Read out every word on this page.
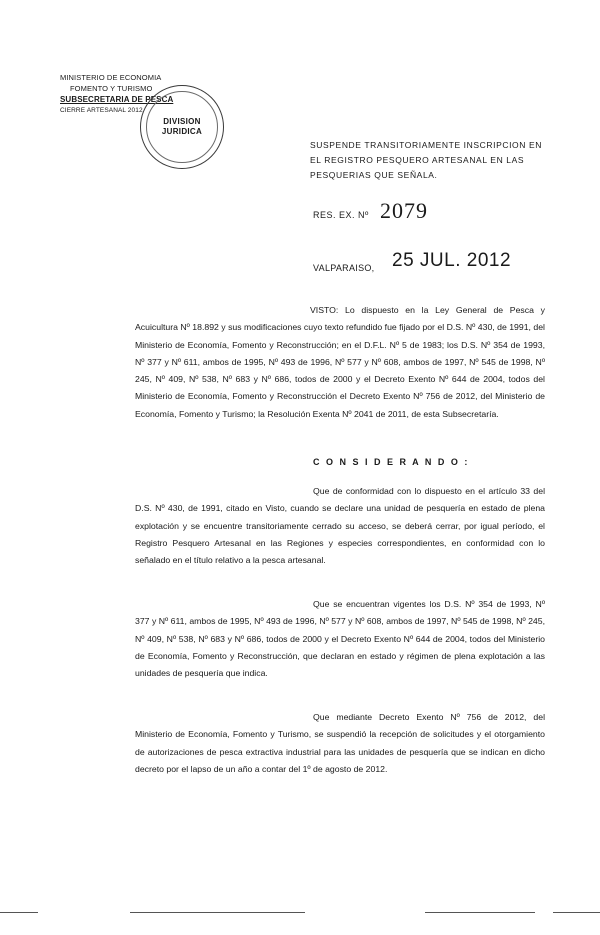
MINISTERIO DE ECONOMIA
FOMENTO Y TURISMO
SUBSECRETARIA DE PESCA
CIERRE ARTESANAL 2012
DIVISION
JURIDICA
SUSPENDE TRANSITORIAMENTE INSCRIPCION EN EL REGISTRO PESQUERO ARTESANAL EN LAS PESQUERIAS QUE SEÑALA.
RES. EX. Nº 2079
VALPARAISO, 25 JUL. 2012
VISTO: Lo dispuesto en la Ley General de Pesca y Acuicultura Nº 18.892 y sus modificaciones cuyo texto refundido fue fijado por el D.S. Nº 430, de 1991, del Ministerio de Economía, Fomento y Reconstrucción; en el D.F.L. Nº 5 de 1983; los D.S. Nº 354 de 1993, Nº 377 y Nº 611, ambos de 1995, Nº 493 de 1996, Nº 577 y Nº 608, ambos de 1997, Nº 545 de 1998, Nº 245, Nº 409, Nº 538, Nº 683 y Nº 686, todos de 2000 y el Decreto Exento Nº 644 de 2004, todos del Ministerio de Economía, Fomento y Reconstrucción el Decreto Exento Nº 756 de 2012, del Ministerio de Economía, Fomento y Turismo; la Resolución Exenta Nº 2041 de 2011, de esta Subsecretaría.
C O N S I D E R A N D O :
Que de conformidad con lo dispuesto en el artículo 33 del D.S. Nº 430, de 1991, citado en Visto, cuando se declare una unidad de pesquería en estado de plena explotación y se encuentre transitoriamente cerrado su acceso, se deberá cerrar, por igual período, el Registro Pesquero Artesanal en las Regiones y especies correspondientes, en conformidad con lo señalado en el título relativo a la pesca artesanal.
Que se encuentran vigentes los D.S. Nº 354 de 1993, Nº 377 y Nº 611, ambos de 1995, Nº 493 de 1996, Nº 577 y Nº 608, ambos de 1997, Nº 545 de 1998, Nº 245, Nº 409, Nº 538, Nº 683 y Nº 686, todos de 2000 y el Decreto Exento Nº 644 de 2004, todos del Ministerio de Economía, Fomento y Reconstrucción, que declaran en estado y régimen de plena explotación a las unidades de pesquería que indica.
Que mediante Decreto Exento Nº 756 de 2012, del Ministerio de Economía, Fomento y Turismo, se suspendió la recepción de solicitudes y el otorgamiento de autorizaciones de pesca extractiva industrial para las unidades de pesquería que se indican en dicho decreto por el lapso de un año a contar del 1º de agosto de 2012.
